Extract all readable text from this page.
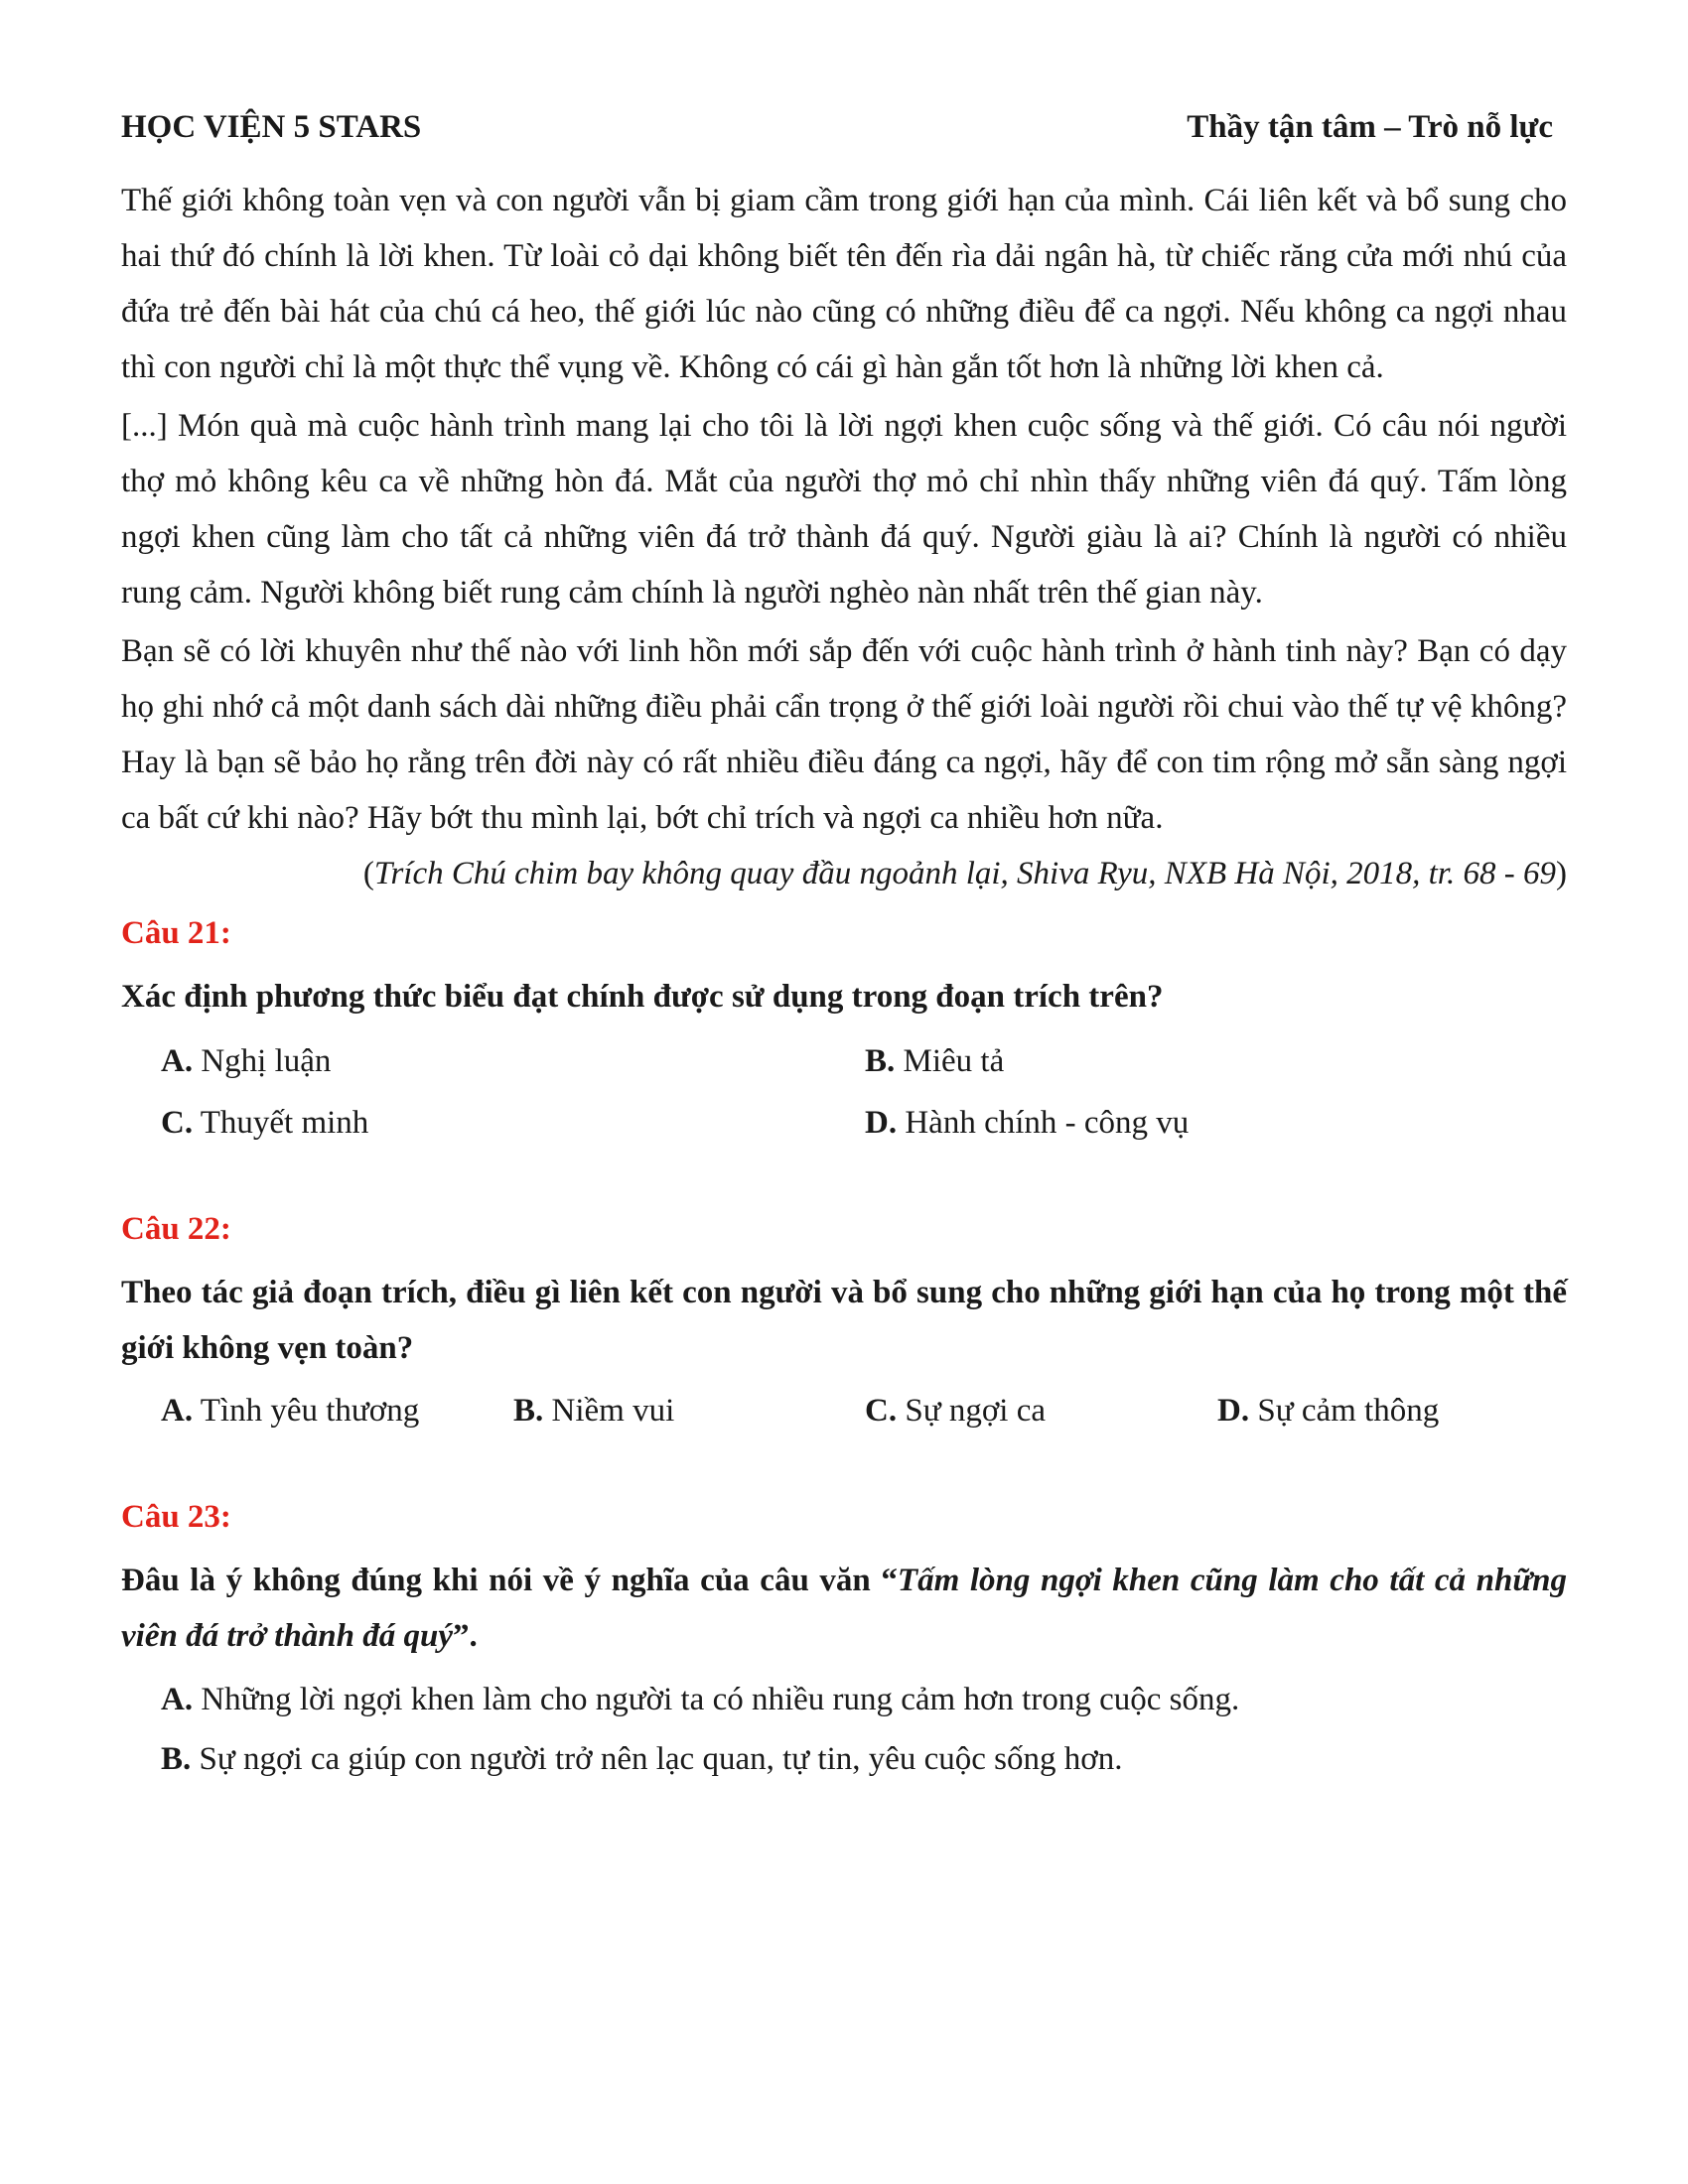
HỌC VIỆN 5 STARS	Thầy tận tâm – Trò nỗ lực

Thế giới không toàn vẹn và con người vẫn bị giam cầm trong giới hạn của mình. Cái liên kết và bổ sung cho hai thứ đó chính là lời khen. Từ loài cỏ dại không biết tên đến rìa dải ngân hà, từ chiếc răng cửa mới nhú của đứa trẻ đến bài hát của chú cá heo, thế giới lúc nào cũng có những điều để ca ngợi. Nếu không ca ngợi nhau thì con người chỉ là một thực thể vụng về. Không có cái gì hàn gắn tốt hơn là những lời khen cả.

[...] Món quà mà cuộc hành trình mang lại cho tôi là lời ngợi khen cuộc sống và thế giới. Có câu nói người thợ mỏ không kêu ca về những hòn đá. Mắt của người thợ mỏ chỉ nhìn thấy những viên đá quý. Tấm lòng ngợi khen cũng làm cho tất cả những viên đá trở thành đá quý. Người giàu là ai? Chính là người có nhiều rung cảm. Người không biết rung cảm chính là người nghèo nàn nhất trên thế gian này.

Bạn sẽ có lời khuyên như thế nào với linh hồn mới sắp đến với cuộc hành trình ở hành tinh này? Bạn có dạy họ ghi nhớ cả một danh sách dài những điều phải cẩn trọng ở thế giới loài người rồi chui vào thế tự vệ không? Hay là bạn sẽ bảo họ rằng trên đời này có rất nhiều điều đáng ca ngợi, hãy để con tim rộng mở sẵn sàng ngợi ca bất cứ khi nào? Hãy bớt thu mình lại, bớt chỉ trích và ngợi ca nhiều hơn nữa.

(Trích Chú chim bay không quay đầu ngoảnh lại, Shiva Ryu, NXB Hà Nội, 2018, tr. 68 - 69)

Câu 21:

Xác định phương thức biểu đạt chính được sử dụng trong đoạn trích trên?

A. Nghị luận	B. Miêu tả
C. Thuyết minh	D. Hành chính - công vụ

Câu 22:

Theo tác giả đoạn trích, điều gì liên kết con người và bổ sung cho những giới hạn của họ trong một thế giới không vẹn toàn?

A. Tình yêu thương	B. Niềm vui	C. Sự ngợi ca	D. Sự cảm thông

Câu 23:

Đâu là ý không đúng khi nói về ý nghĩa của câu văn “Tấm lòng ngợi khen cũng làm cho tất cả những viên đá trở thành đá quý”.

A. Những lời ngợi khen làm cho người ta có nhiều rung cảm hơn trong cuộc sống.
B. Sự ngợi ca giúp con người trở nên lạc quan, tự tin, yêu cuộc sống hơn.
